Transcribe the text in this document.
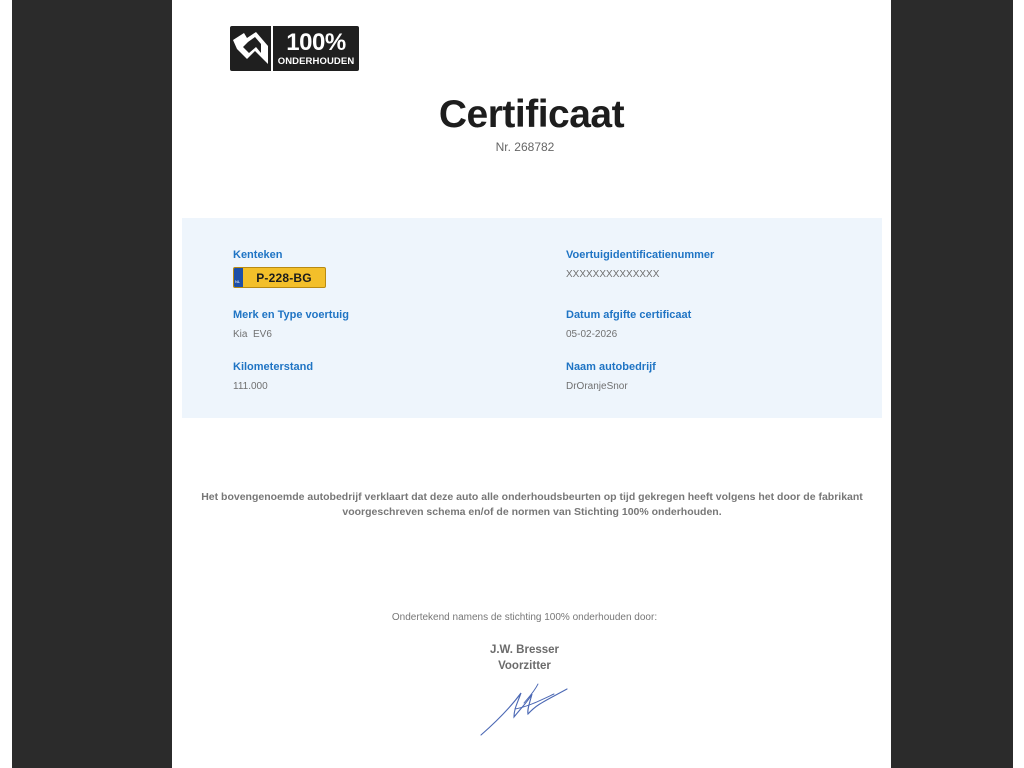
100%
ONDERHOUDEN
Certificaat
Nr. 268782
Kenteken
NL	P-228-BG
Voertuigidentificatienummer
XXXXXXXXXXXXXX
Merk en Type voertuig
Kia  EV6
Datum afgifte certificaat
05-02-2026
Kilometerstand
111.000
Naam autobedrijf
DrOranjeSnor
Het bovengenoemde autobedrijf verklaart dat deze auto alle onderhoudsbeurten op tijd gekregen heeft volgens het door de fabrikant voorgeschreven schema en/of de normen van Stichting 100% onderhouden.
Ondertekend namens de stichting 100% onderhouden door:
J.W. Bresser
Voorzitter
